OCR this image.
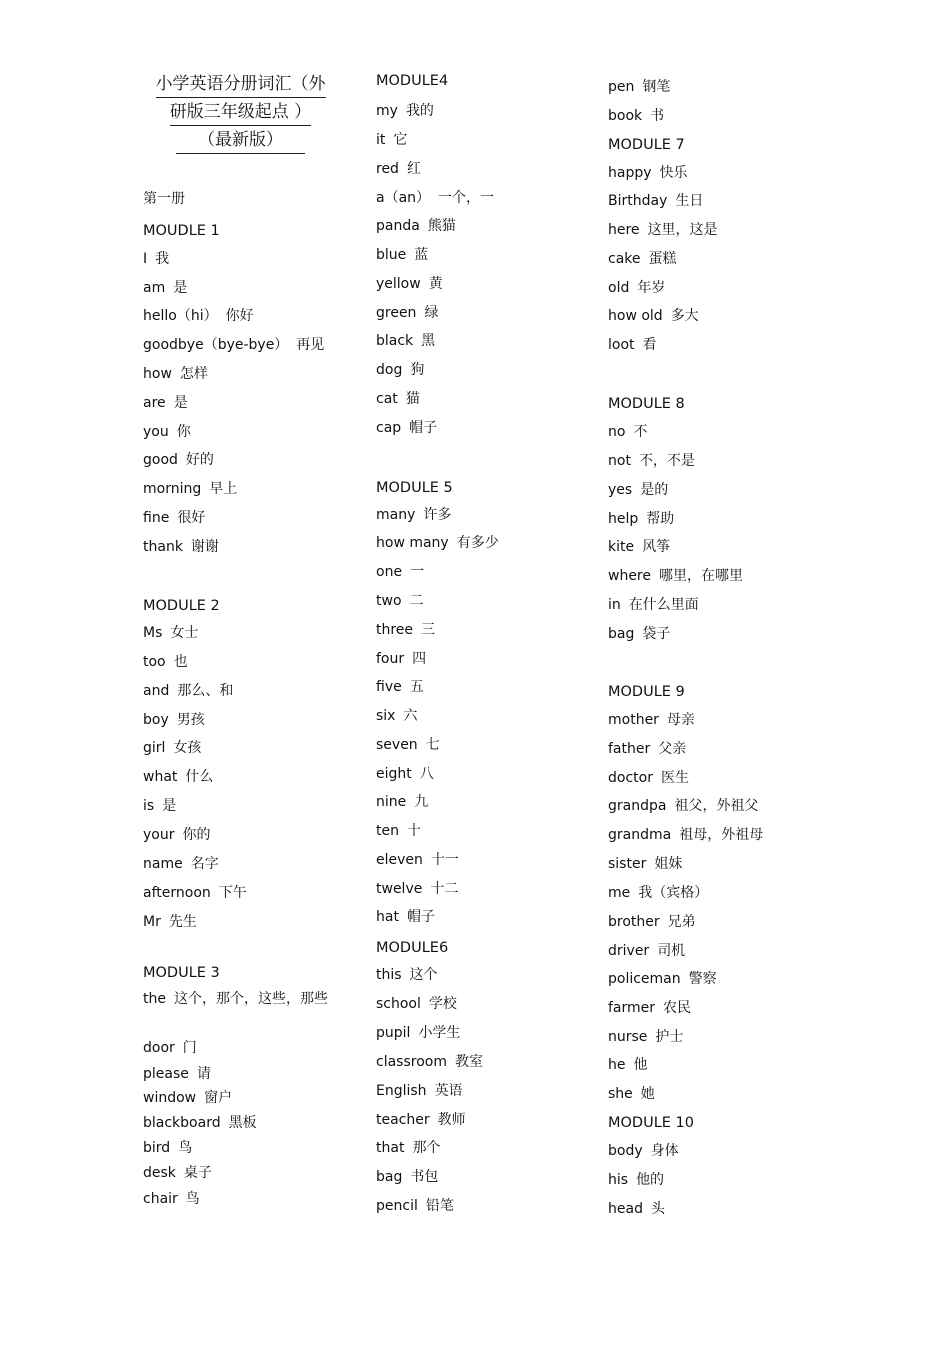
小学英语分册词汇（外
研版三年级起点 ）
（最新版）
第一册
MOUDLE 1
I 我
am 是
hello（hi） 你好
goodbye（bye-bye） 再见
how 怎样
are 是
you 你
good 好的
morning 早上
fine 很好
thank 谢谢
MODULE 2
Ms 女士
too 也
and 那么、和
boy 男孩
girl 女孩
what 什么
is 是
your 你的
name 名字
afternoon 下午
Mr 先生
MODULE 3
the 这个，那个，这些，那些
door 门
please 请
window 窗户
blackboard 黑板
bird 鸟
desk 桌子
chair 鸟
MODULE4
my 我的
it 它
red 红
a（an） 一个，一
panda 熊猫
blue 蓝
yellow 黄
green 绿
black 黑
dog 狗
cat 猫
cap 帽子
MODULE 5
many 许多
how many 有多少
one 一
two 二
three 三
four 四
five 五
six 六
seven 七
eight 八
nine 九
ten 十
eleven 十一
twelve 十二
hat 帽子
MODULE6
this 这个
school 学校
pupil 小学生
classroom 教室
English 英语
teacher 教师
that 那个
bag 书包
pencil 铅笔
pen 钢笔
book 书
MODULE 7
happy 快乐
Birthday 生日
here 这里，这是
cake 蛋糕
old 年岁
how old 多大
loot 看
MODULE 8
no 不
not 不，不是
yes 是的
help 帮助
kite 风筝
where 哪里，在哪里
in 在什么里面
bag 袋子
MODULE 9
mother 母亲
father 父亲
doctor 医生
grandpa 祖父，外祖父
grandma 祖母，外祖母
sister 姐妹
me 我（宾格）
brother 兄弟
driver 司机
policeman 警察
farmer 农民
nurse 护士
he 他
she 她
MODULE 10
body 身体
his 他的
head 头
